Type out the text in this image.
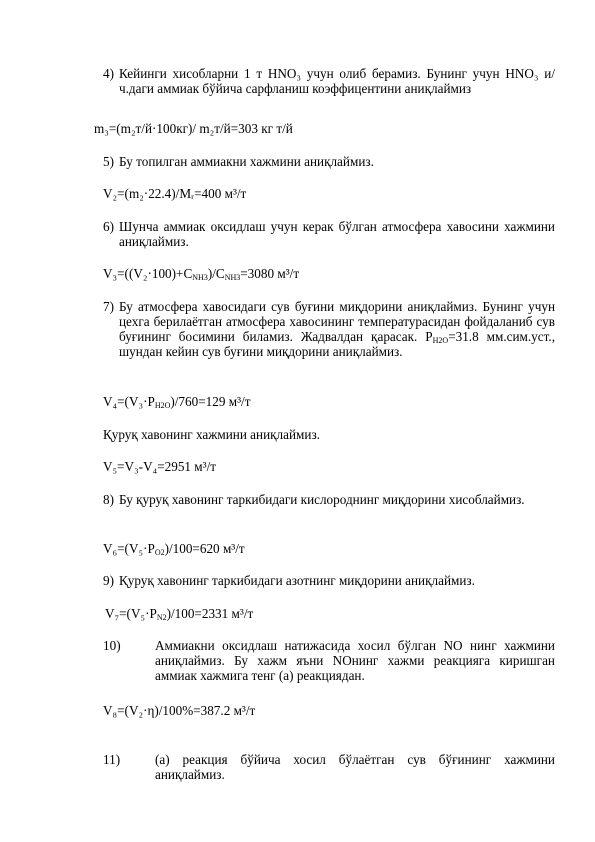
4) Кейинги хисобларни 1 т HNO₃ учун олиб берамиз. Бунинг учун HNO₃ и/ч.даги аммиак бўйича сарфланиш коэффицентини аниқлаймиз
m₃=(m₂т/й·100кг)/ m₂т/й=303 кг т/й
5) Бу топилган аммиакни хажмини аниқлаймиз.
V₂=(m₂·22.4)/Mᵣ=400 м³/т
6) Шунча аммиак оксидлаш учун керак бўлган атмосфера хавосини хажмини аниқлаймиз.
$V_3=((V_2\cdot 100)+C_{NH3})/C_{NH3}=3080$ м³/т
7) Бу атмосфера хавосидаги сув буғини миқдорини аниқлаймиз. Бунинг учун цехга берилаётган атмосфера хавосининг температурасидан фойдаланиб сув буғининг босимини биламиз. Жадвалдан қарасак. $P_{H2O}=31.8$ мм.сим.уст., шундан кейин сув буғини миқдорини аниқлаймиз.
$V_4=(V_3\cdot P_{H2O})/760=129$ м³/т
Қуруқ хавонинг хажмини аниқлаймиз.
V₅=V₃-V₄=2951 м³/т
8) Бу қуруқ хавонинг таркибидаги кислороднинг миқдорини хисоблаймиз.
$V_6=(V_5\cdot P_{O2})/100=620$ м³/т
9) Қуруқ хавонинг таркибидаги азотнинг миқдорини аниқлаймиз.
$V_7=(V_5\cdot P_{N2})/100=2331$ м³/т
10)	Аммиакни оксидлаш натижасида хосил бўлган NO нинг хажмини аниқлаймиз. Бу хажм яъни NOнинг хажми реакцияга киришган аммиак хажмига тенг (а) реакциядан.
V₈=(V₂·η)/100%=387.2 м³/т
11)	(а) реакция бўйича хосил бўлаётган сув бўғининг хажмини аниқлаймиз.
